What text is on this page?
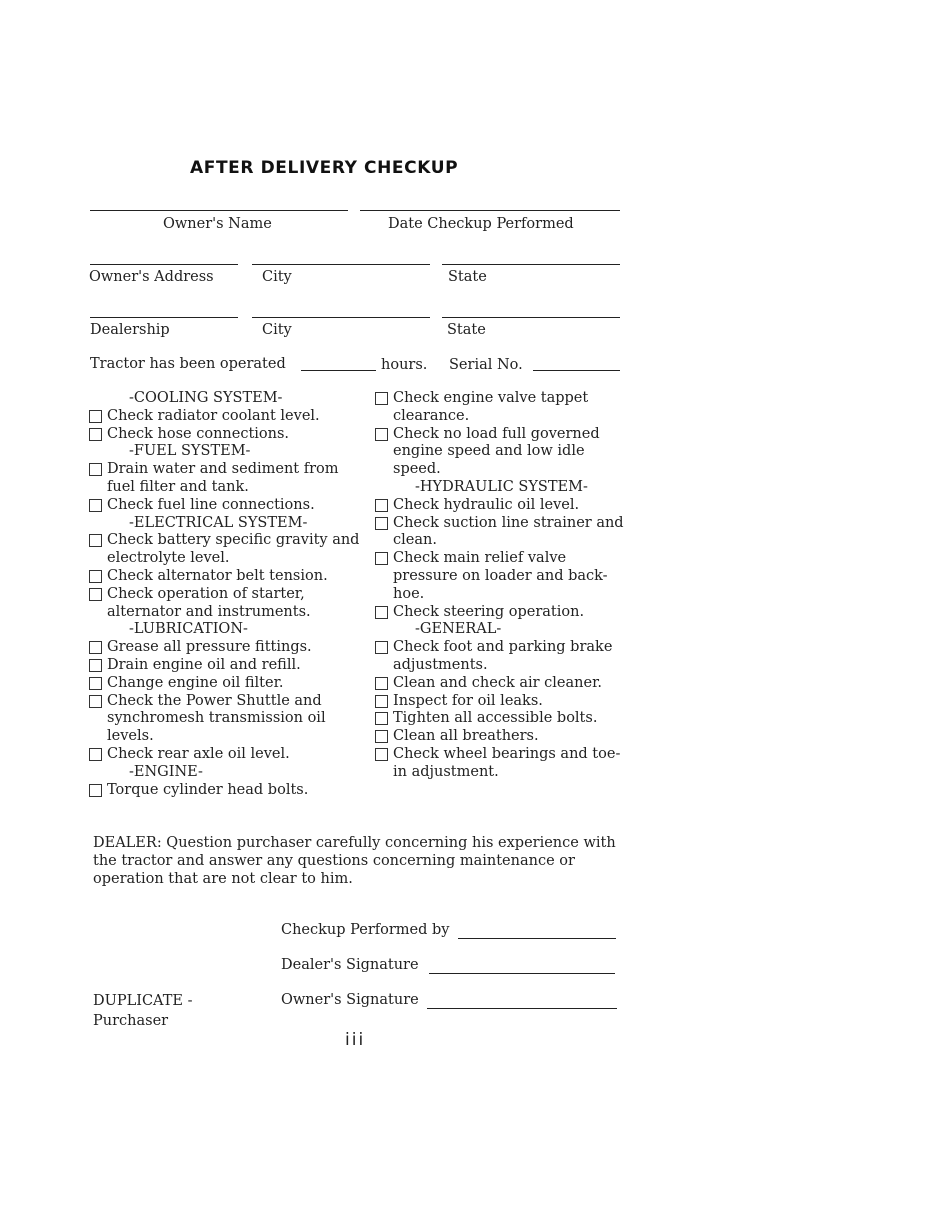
AFTER DELIVERY CHECKUP
Owner's Name	Date Checkup Performed
Owner's Address	City	State
Dealership	City	State
Tractor has been operated	hours. Serial No.
-COOLING SYSTEM-
Check radiator coolant level.
Check hose connections.
-FUEL SYSTEM-
Drain water and sediment from fuel filter and tank.
Check fuel line connections.
-ELECTRICAL SYSTEM-
Check battery specific gravity and electrolyte level.
Check alternator belt tension.
Check operation of starter, alternator and instruments.
-LUBRICATION-
Grease all pressure fittings.
Drain engine oil and refill.
Change engine oil filter.
Check the Power Shuttle and synchromesh transmission oil levels.
Check rear axle oil level.
-ENGINE-
Torque cylinder head bolts.
Check engine valve tappet clearance.
Check no load full governed engine speed and low idle speed.
-HYDRAULIC SYSTEM-
Check hydraulic oil level.
Check suction line strainer and clean.
Check main relief valve pressure on loader and back-hoe.
Check steering operation.
-GENERAL-
Check foot and parking brake adjustments.
Clean and check air cleaner.
Inspect for oil leaks.
Tighten all accessible bolts.
Clean all breathers.
Check wheel bearings and toe-in adjustment.
DEALER: Question purchaser carefully concerning his experience with the tractor and answer any questions concerning maintenance or operation that are not clear to him.
Checkup Performed by
Dealer's Signature
Owner's Signature
DUPLICATE -
Purchaser
iii
